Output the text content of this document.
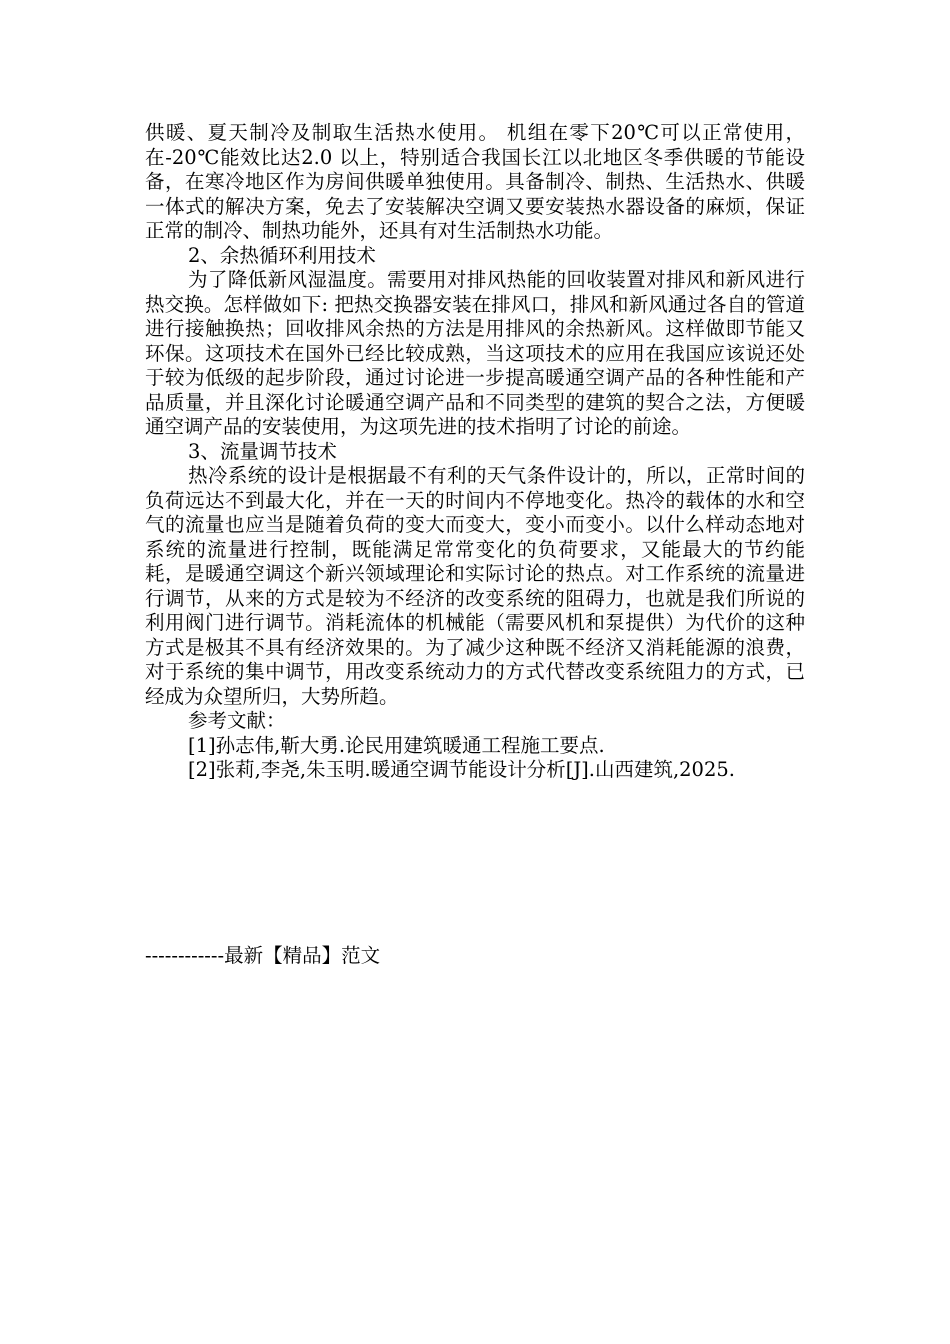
供暖、夏天制冷及制取生活热水使用。 机组在零下20℃可以正常使用，在-20℃能效比达2.0 以上，特别适合我国长江以北地区冬季供暖的节能设备，在寒冷地区作为房间供暖单独使用。具备制冷、制热、生活热水、供暖一体式的解决方案，免去了安装解决空调又要安装热水器设备的麻烦，保证正常的制冷、制热功能外，还具有对生活制热水功能。

2、余热循环利用技术

为了降低新风湿温度。需要用对排风热能的回收装置对排风和新风进行热交换。怎样做如下: 把热交换器安装在排风口，排风和新风通过各自的管道进行接触换热；回收排风余热的方法是用排风的余热新风。这样做即节能又环保。这项技术在国外已经比较成熟，当这项技术的应用在我国应该说还处于较为低级的起步阶段，通过讨论进一步提高暖通空调产品的各种性能和产品质量，并且深化讨论暖通空调产品和不同类型的建筑的契合之法，方便暖通空调产品的安装使用，为这项先进的技术指明了讨论的前途。

3、流量调节技术

热冷系统的设计是根据最不有利的天气条件设计的，所以，正常时间的负荷远达不到最大化，并在一天的时间内不停地变化。热冷的载体的水和空气的流量也应当是随着负荷的变大而变大，变小而变小。以什么样动态地对系统的流量进行控制，既能满足常常变化的负荷要求，又能最大的节约能耗，是暖通空调这个新兴领域理论和实际讨论的热点。对工作系统的流量进行调节，从来的方式是较为不经济的改变系统的阻碍力，也就是我们所说的利用阀门进行调节。消耗流体的机械能（需要风机和泵提供）为代价的这种方式是极其不具有经济效果的。为了减少这种既不经济又消耗能源的浪费，对于系统的集中调节，用改变系统动力的方式代替改变系统阻力的方式，已经成为众望所归，大势所趋。

参考文献：

[1]孙志伟,靳大勇.论民用建筑暖通工程施工要点.

[2]张莉,李尧,朱玉明.暖通空调节能设计分析[J].山西建筑,2025.

------------最新【精品】范文
